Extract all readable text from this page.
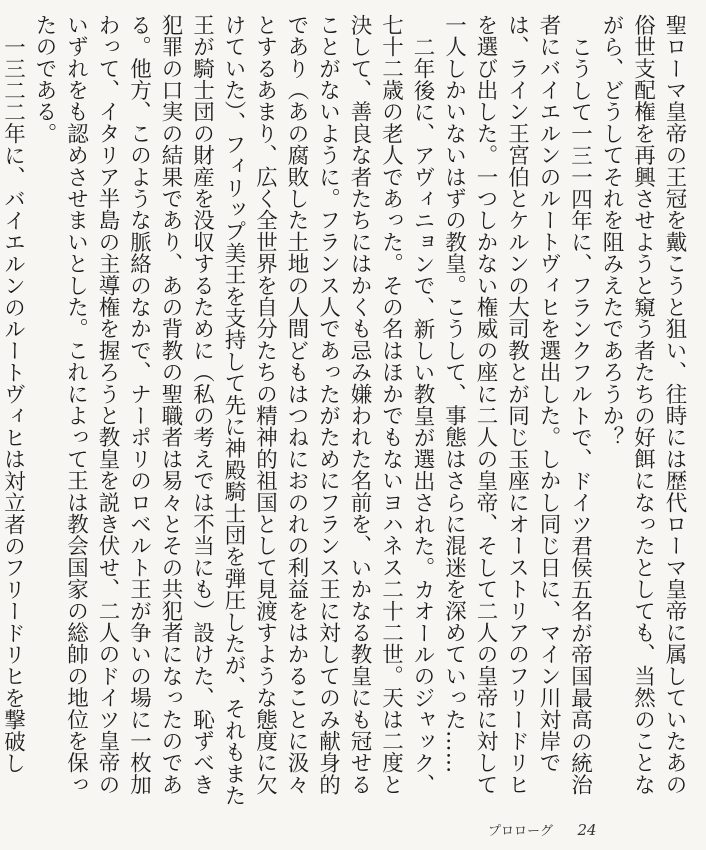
聖ローマ皇帝の王冠を戴こうと狙い、往時には歴代ローマ皇帝に属していたあの俗世支配権を再興させようと窺う者たちの好餌になったとしても、当然のことながら、どうしてそれを阻みえたであろうか？

こうして一三一四年に、フランクフルトで、ドイツ君侯五名が帝国最高の統治者にバイエルンのルートヴィヒを選出した。しかし同じ日に、マイン川対岸では、ライン王宮伯とケルンの大司教とが同じ玉座にオーストリアのフリードリヒを選び出した。一つしかない権威の座に二人の皇帝、そして二人の皇帝に対して一人しかいないはずの教皇。こうして、事態はさらに混迷を深めていった……

二年後に、アヴィニョンで、新しい教皇が選出された。カオールのジャック、七十二歳の老人であった。その名はほかでもないヨハネス二十二世。天は二度と決して、善良な者たちにはかくも忌み嫌われた名前を、いかなる教皇にも冠せることがないように。フランス人であったがためにフランス王に対してのみ献身的であり（あの腐敗した土地の人間どもはつねにおのれの利益をはかることに汲々とするあまり、広く全世界を自分たちの精神的祖国として見渡すような態度に欠けていた）、フィリップ美王を支持して先に神殿騎士団を弾圧したが、それもまた王が騎士団の財産を没収するために（私の考えでは不当にも）設けた、恥ずべき犯罪の口実の結果であり、あの背教の聖職者は易々とその共犯者になったのである。他方、このような脈絡のなかで、ナーポリのロベルト王が争いの場に一枚加わって、イタリア半島の主導権を握ろうと教皇を説き伏せ、二人のドイツ皇帝のいずれをも認めさせまいとした。これによって王は教会国家の総帥の地位を保ったのである。

一三二二年に、バイエルンのルートヴィヒは対立者のフリードリヒを撃破し

プロローグ 24
